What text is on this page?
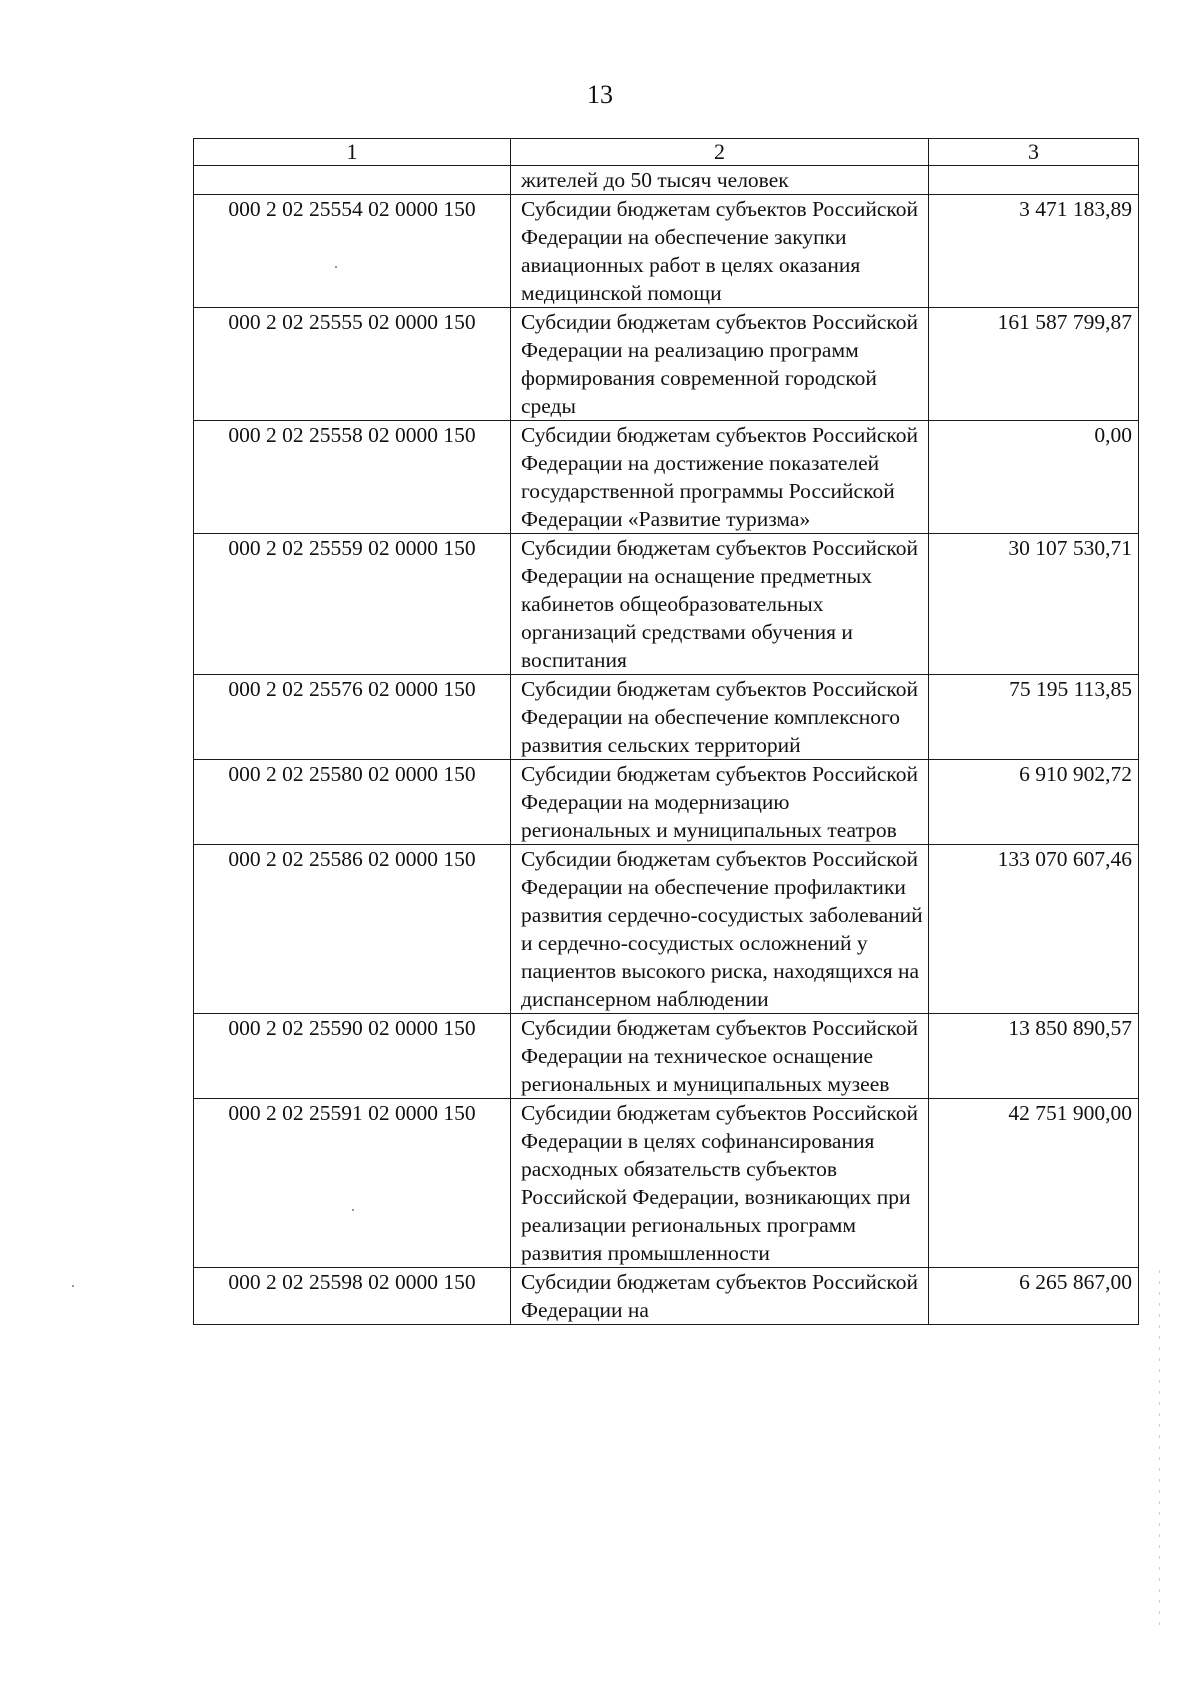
13
1	2	3
	жителей до 50 тысяч человек	
000 2 02 25554 02 0000 150	Субсидии бюджетам субъектов Российской Федерации на обеспечение закупки авиационных работ в целях оказания медицинской помощи	3 471 183,89
000 2 02 25555 02 0000 150	Субсидии бюджетам субъектов Российской Федерации на реализацию программ формирования современной городской среды	161 587 799,87
000 2 02 25558 02 0000 150	Субсидии бюджетам субъектов Российской Федерации на достижение показателей государственной программы Российской Федерации «Развитие туризма»	0,00
000 2 02 25559 02 0000 150	Субсидии бюджетам субъектов Российской Федерации на оснащение предметных кабинетов общеобразовательных организаций средствами обучения и воспитания	30 107 530,71
000 2 02 25576 02 0000 150	Субсидии бюджетам субъектов Российской Федерации на обеспечение комплексного развития сельских территорий	75 195 113,85
000 2 02 25580 02 0000 150	Субсидии бюджетам субъектов Российской Федерации на модернизацию региональных и муниципальных театров	6 910 902,72
000 2 02 25586 02 0000 150	Субсидии бюджетам субъектов Российской Федерации на обеспечение профилактики развития сердечно-сосудистых заболеваний и сердечно-сосудистых осложнений у пациентов высокого риска, находящихся на диспансерном наблюдении	133 070 607,46
000 2 02 25590 02 0000 150	Субсидии бюджетам субъектов Российской Федерации на техническое оснащение региональных и муниципальных музеев	13 850 890,57
000 2 02 25591 02 0000 150	Субсидии бюджетам субъектов Российской Федерации в целях софинансирования расходных обязательств субъектов Российской Федерации, возникающих при реализации региональных программ развития промышленности	42 751 900,00
000 2 02 25598 02 0000 150	Субсидии бюджетам субъектов Российской Федерации на	6 265 867,00
